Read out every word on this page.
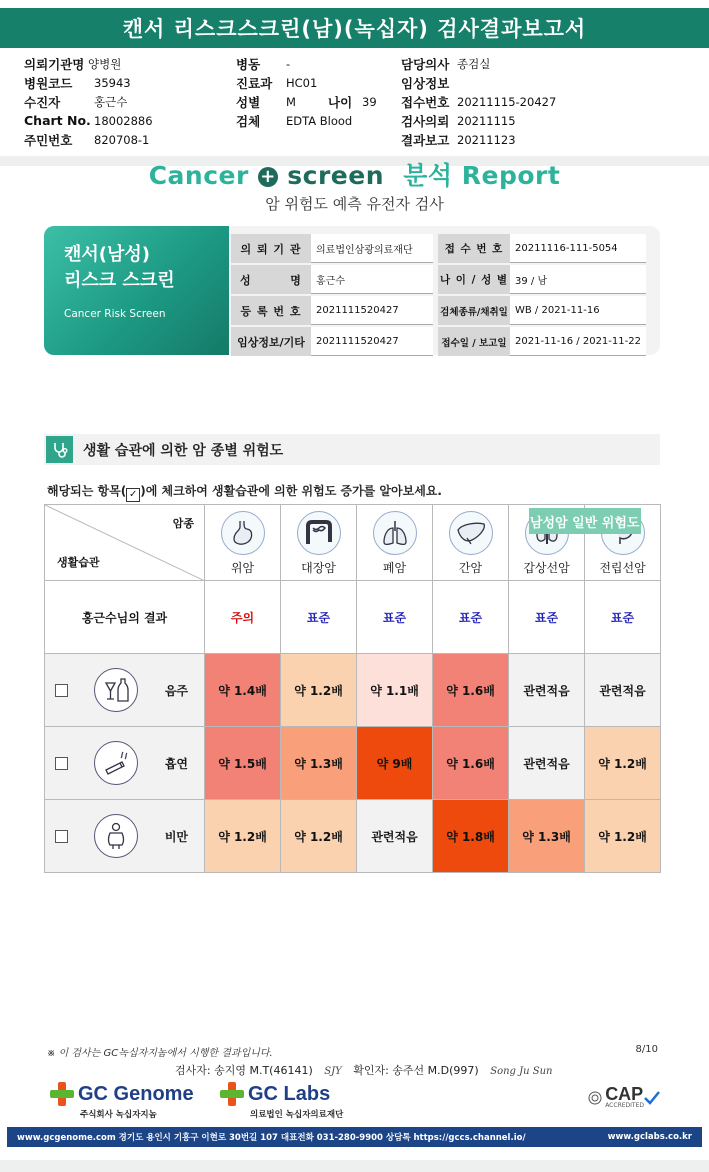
캔서 리스크스크린(남)(녹십자) 검사결과보고서
의뢰기관명 양병원
병원코드	35943
수진자	홍근수
Chart No. 18002886
주민번호	820708-1
병동	-
진료과	HC01
성별	M	나이 39
검체	EDTA Blood
담당의사 종검실
임상정보
접수번호 20211115-20427
검사의뢰 20211115
결과보고 20211123
Cancer + screen 분석 Report
암 위험도 예측 유전자 검사
캔서(남성)
리스크 스크린
Cancer Risk Screen
의 뢰 기 관	의료법인삼광의료재단	접 수 번 호	20211116-111-5054
성        명	홍근수	나 이 / 성 별 39 / 남
등 록 번 호	2021111520427	검체종류/채취일 WB / 2021-11-16
임상정보/기타	2021111520427	접수일 / 보고일 2021-11-16 / 2021-11-22
생활 습관에 의한 암 종별 위험도
해당되는 항목( ✓ )에 체크하여 생활습관에 의한 위험도 증가를 알아보세요.
남성암 일반 위험도

암종
생활습관	위암	대장암	폐암	간암	갑상선암	전립선암

홍근수님의 결과	주의	표준	표준	표준	표준	표준

음주	약 1.4배	약 1.2배	약 1.1배	약 1.6배	관련적음	관련적음

흡연	약 1.5배	약 1.3배	약 9배	약 1.6배	관련적음	약 1.2배

비만	약 1.2배	약 1.2배	관련적음	약 1.8배	약 1.3배	약 1.2배
※ 이 검사는 GC녹십자지놈에서 시행한 결과입니다.	8/10
검사자: 송지영 M.T(46141) SJY 확인자: 송주선 M.D(997) Song Ju Sun
GC Genome
주식회사 녹십자지놈
GC Labs
의료법인 녹십자의료재단
CAP
ACCREDITED
www.gcgenome.com 경기도 용인시 기흥구 이현로 30번길 107 대표전화 031-280-9900 상담톡 https://gccs.channel.io/	www.gclabs.co.kr
